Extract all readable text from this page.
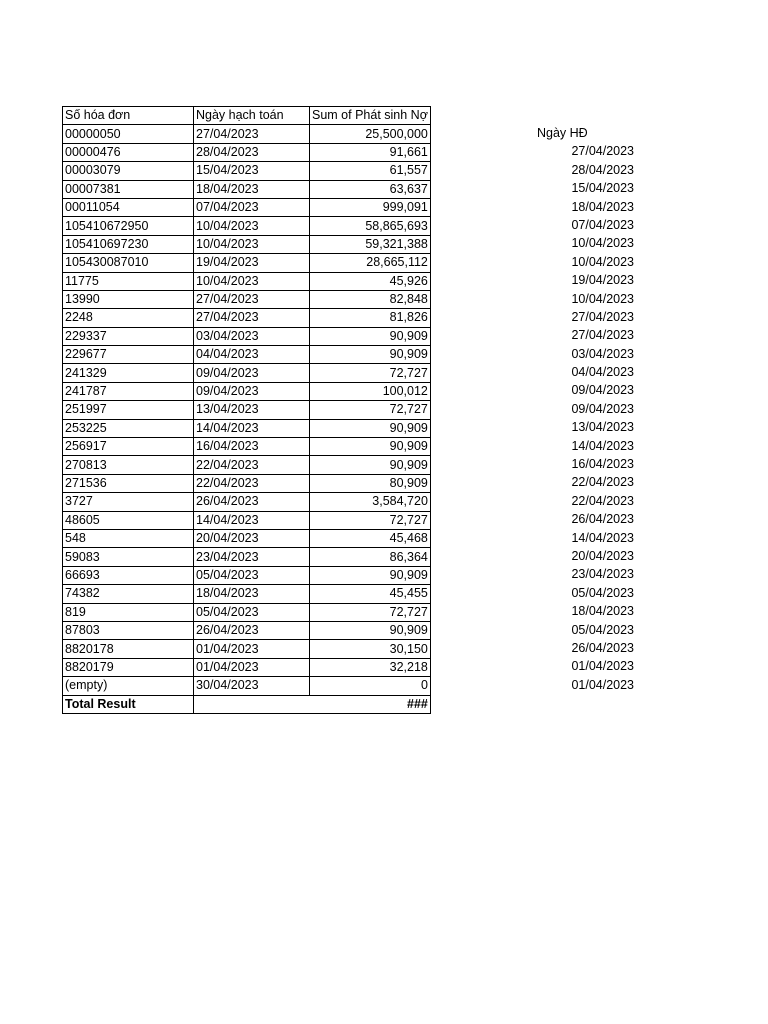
Số hóa đơn	Ngày hạch toán	Sum of Phát sinh Nợ
00000050	27/04/2023	25,500,000
00000476	28/04/2023	91,661
00003079	15/04/2023	61,557
00007381	18/04/2023	63,637
00011054	07/04/2023	999,091
105410672950	10/04/2023	58,865,693
105410697230	10/04/2023	59,321,388
105430087010	19/04/2023	28,665,112
11775	10/04/2023	45,926
13990	27/04/2023	82,848
2248	27/04/2023	81,826
229337	03/04/2023	90,909
229677	04/04/2023	90,909
241329	09/04/2023	72,727
241787	09/04/2023	100,012
251997	13/04/2023	72,727
253225	14/04/2023	90,909
256917	16/04/2023	90,909
270813	22/04/2023	90,909
271536	22/04/2023	80,909
3727	26/04/2023	3,584,720
48605	14/04/2023	72,727
548	20/04/2023	45,468
59083	23/04/2023	86,364
66693	05/04/2023	90,909
74382	18/04/2023	45,455
819	05/04/2023	72,727
87803	26/04/2023	90,909
8820178	01/04/2023	30,150
8820179	01/04/2023	32,218
(empty)	30/04/2023	0
Total Result		###
Ngày HĐ
27/04/2023
28/04/2023
15/04/2023
18/04/2023
07/04/2023
10/04/2023
10/04/2023
19/04/2023
10/04/2023
27/04/2023
27/04/2023
03/04/2023
04/04/2023
09/04/2023
09/04/2023
13/04/2023
14/04/2023
16/04/2023
22/04/2023
22/04/2023
26/04/2023
14/04/2023
20/04/2023
23/04/2023
05/04/2023
18/04/2023
05/04/2023
26/04/2023
01/04/2023
01/04/2023
